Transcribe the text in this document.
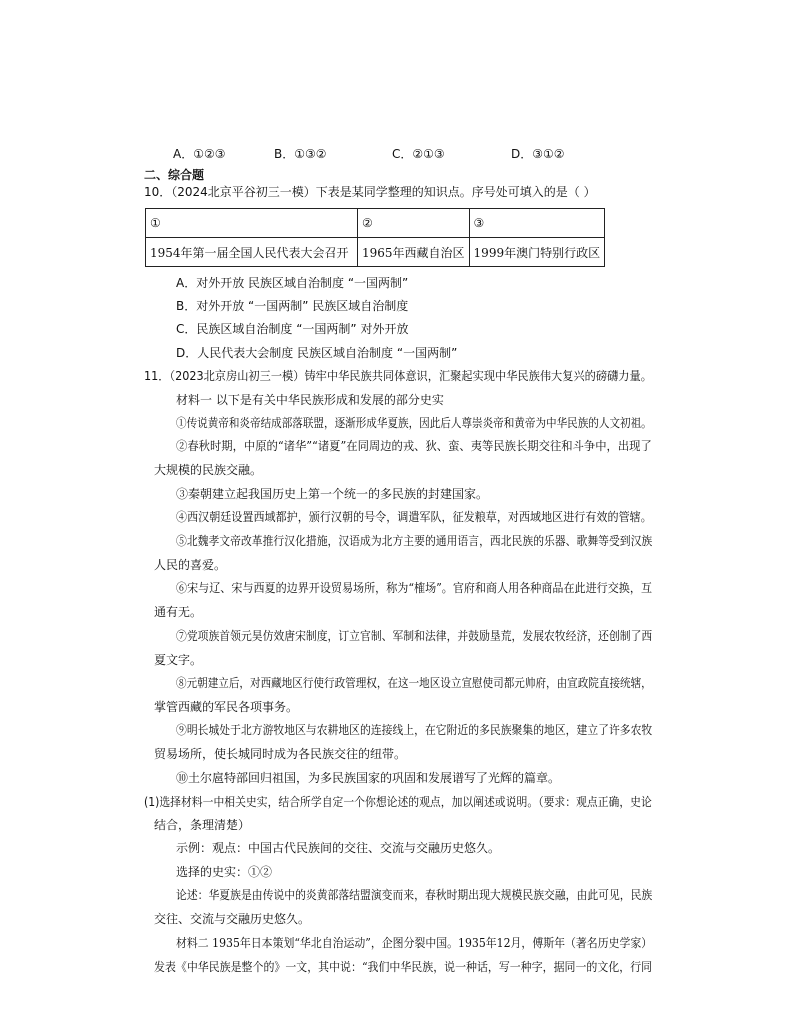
A．①②③	B．①③②	C．②①③	D．③①②
二、综合题
10．（2024北京平谷初三一模）下表是某同学整理的知识点。序号处可填入的是（ ）
①	②	③
1954年第一届全国人民代表大会召开	1965年西藏自治区	1999年澳门特别行政区
A．对外开放 民族区域自治制度 “一国两制”
B．对外开放 “一国两制” 民族区域自治制度
C．民族区域自治制度 “一国两制” 对外开放
D．人民代表大会制度 民族区域自治制度 “一国两制”
11．（2023北京房山初三一模）铸牢中华民族共同体意识，汇聚起实现中华民族伟大复兴的磅礴力量。
材料一 以下是有关中华民族形成和发展的部分史实
①传说黄帝和炎帝结成部落联盟，逐渐形成华夏族，因此后人尊崇炎帝和黄帝为中华民族的人文初祖。
②春秋时期，中原的“诸华”“诸夏”在同周边的戎、狄、蛮、夷等民族长期交往和斗争中，出现了
大规模的民族交融。
③秦朝建立起我国历史上第一个统一的多民族的封建国家。
④西汉朝廷设置西域都护，颁行汉朝的号令，调遣军队，征发粮草，对西域地区进行有效的管辖。
⑤北魏孝文帝改革推行汉化措施，汉语成为北方主要的通用语言，西北民族的乐器、歌舞等受到汉族
人民的喜爱。
⑥宋与辽、宋与西夏的边界开设贸易场所，称为“榷场”。官府和商人用各种商品在此进行交换，互
通有无。
⑦党项族首领元昊仿效唐宋制度，订立官制、军制和法律，并鼓励垦荒，发展农牧经济，还创制了西
夏文字。
⑧元朝建立后，对西藏地区行使行政管理权，在这一地区设立宣慰使司都元帅府，由宣政院直接统辖，
掌管西藏的军民各项事务。
⑨明长城处于北方游牧地区与农耕地区的连接线上，在它附近的多民族聚集的地区，建立了许多农牧
贸易场所，使长城同时成为各民族交往的纽带。
⑩土尔扈特部回归祖国，为多民族国家的巩固和发展谱写了光辉的篇章。
(1)选择材料一中相关史实，结合所学自定一个你想论述的观点，加以阐述或说明。（要求：观点正确，史论
结合，条理清楚）
示例：观点：中国古代民族间的交往、交流与交融历史悠久。
选择的史实：①②
论述：华夏族是由传说中的炎黄部落结盟演变而来，春秋时期出现大规模民族交融，由此可见，民族
交往、交流与交融历史悠久。
材料二 1935年日本策划“华北自治运动”，企图分裂中国。1935年12月，傅斯年（著名历史学家）
发表《中华民族是整个的》一文，其中说：“我们中华民族，说一种话，写一种字，据同一的文化，行同
